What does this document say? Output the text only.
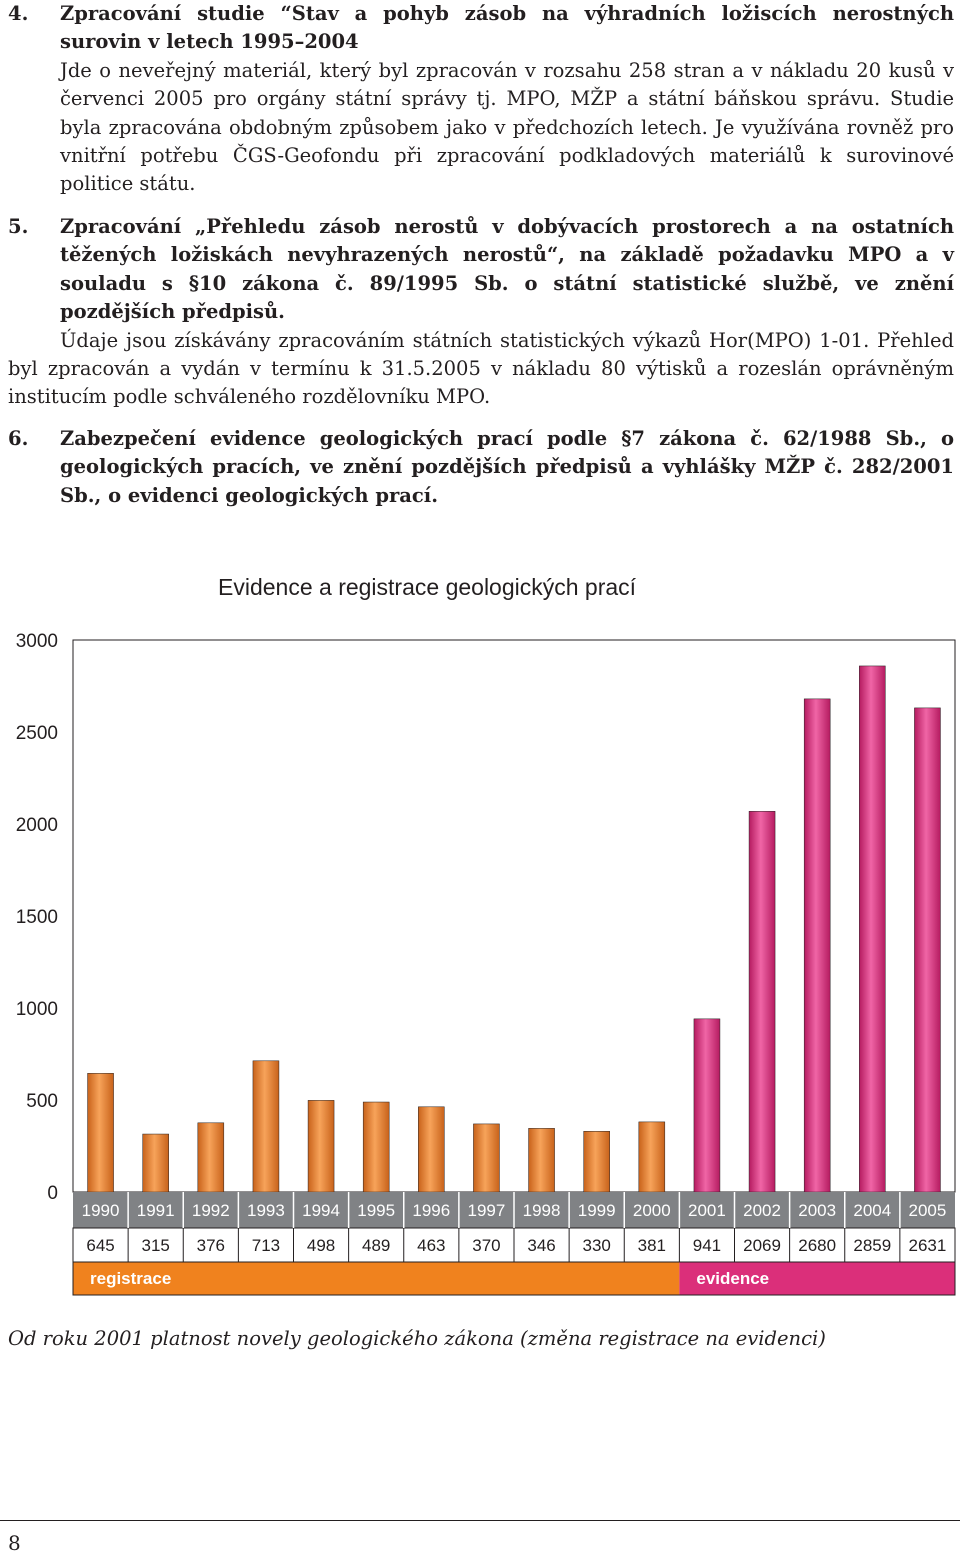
4. Zpracování studie “Stav a pohyb zásob na výhradních ložiscích nerostných surovin v letech 1995–2004
Jde o neveřejný materiál, který byl zpracován v rozsahu 258 stran a v nákladu 20 kusů v červenci 2005 pro orgány státní správy tj. MPO, MŽP a státní báňskou správu. Studie byla zpracována obdobným způsobem jako v předchozích letech. Je využívána rovněž pro vnitřní potřebu ČGS-Geofondu při zpracování podkladových materiálů k surovinové politice státu.
5. Zpracování „Přehledu zásob nerostů v dobývacích prostorech a na ostatních těžených ložiskách nevyhrazených nerostů“, na základě požadavku MPO a v souladu s §10 zákona č. 89/1995 Sb. o státní statistické službě, ve znění pozdějších předpisů.
Údaje jsou získávány zpracováním státních statistických výkazů Hor(MPO) 1-01. Přehled byl zpracován a vydán v termínu k 31.5.2005 v nákladu 80 výtisků a rozeslán oprávněným institucím podle schváleného rozdělovníku MPO.
6. Zabezpečení evidence geologických prací podle §7 zákona č. 62/1988 Sb., o geologických pracích, ve znění pozdějších předpisů a vyhlášky MŽP č. 282/2001 Sb., o evidenci geologických prací.
Evidence a registrace geologických prací
0
500
1000
1500
2000
2500
3000
1990
645
1991
315
1992
376
1993
713
1994
498
1995
489
1996
463
1997
370
1998
346
1999
330
2000
381
2001
941
2002
2069
2003
2680
2004
2859
2005
2631
registrace	evidence
Od roku 2001 platnost novely geologického zákona (změna registrace na evidenci)
8
